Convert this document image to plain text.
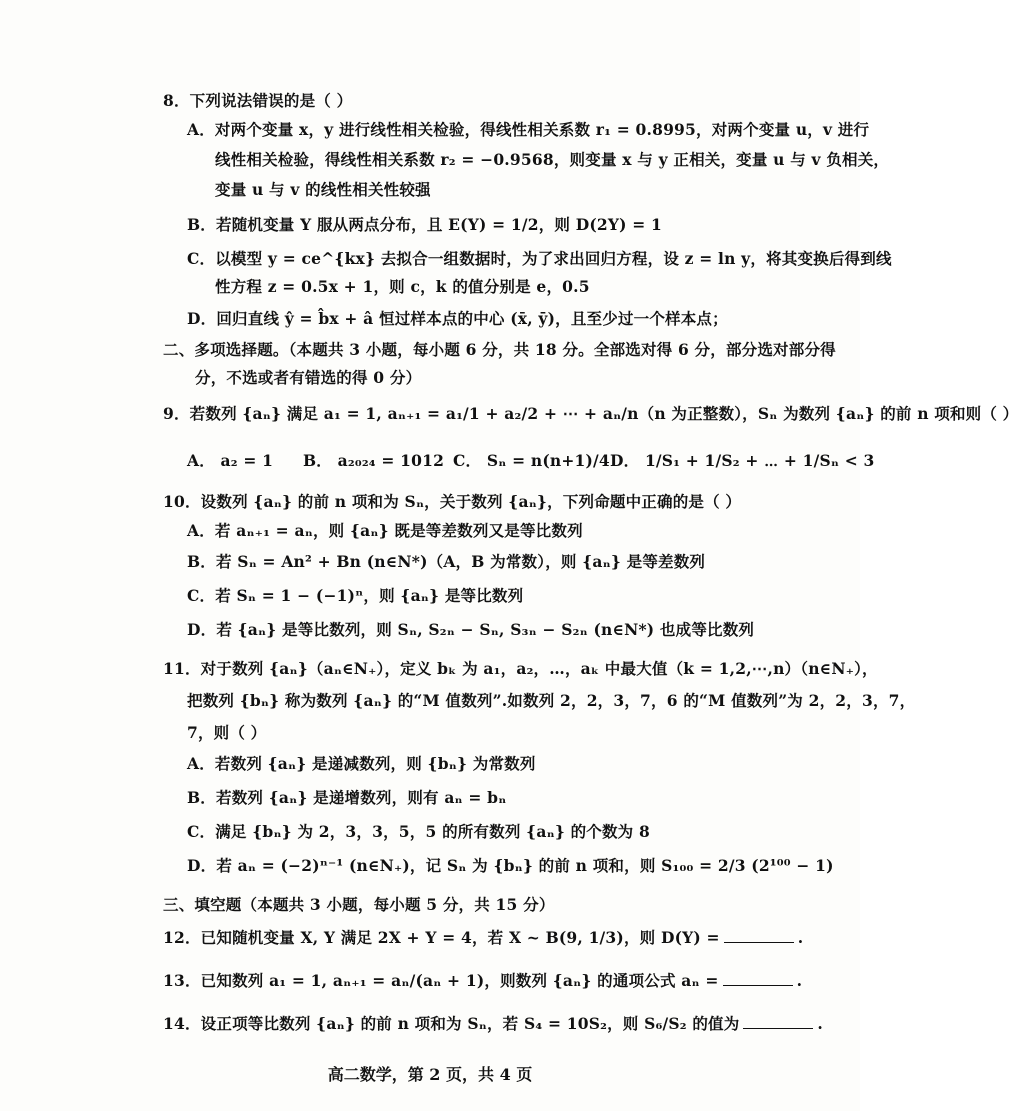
8．下列说法错误的是（ ）
A．对两个变量 x，y 进行线性相关检验，得线性相关系数 r₁ = 0.8995，对两个变量 u，v 进行
线性相关检验，得线性相关系数 r₂ = −0.9568，则变量 x 与 y 正相关，变量 u 与 v 负相关，
变量 u 与 v 的线性相关性较强
B．若随机变量 Y 服从两点分布，且 E(Y) = 1/2，则 D(2Y) = 1
C．以模型 y = ce^{kx} 去拟合一组数据时，为了求出回归方程，设 z = ln y，将其变换后得到线
性方程 z = 0.5x + 1，则 c，k 的值分别是 e，0.5
D．回归直线 ŷ = b̂x + â 恒过样本点的中心 (x̄, ȳ)，且至少过一个样本点；
二、多项选择题。（本题共 3 小题，每小题 6 分，共 18 分。全部选对得 6 分，部分选对部分得
分，不选或者有错选的得 0 分）
9．若数列 {aₙ} 满足 a₁ = 1, aₙ₊₁ = a₁/1 + a₂/2 + ⋯ + aₙ/n（n 为正整数），Sₙ 为数列 {aₙ} 的前 n 项和则（ ）
A． a₂ = 1 B． a₂₀₂₄ = 1012 C． Sₙ = n(n+1)/4 D． 1/S₁ + 1/S₂ + ⋯ + 1/Sₙ < 3
10．设数列 {aₙ} 的前 n 项和为 Sₙ，关于数列 {aₙ}，下列命题中正确的是（ ）
A．若 aₙ₊₁ = aₙ，则 {aₙ} 既是等差数列又是等比数列
B．若 Sₙ = An² + Bn (n∈N*)（A，B 为常数），则 {aₙ} 是等差数列
C．若 Sₙ = 1 − (−1)ⁿ，则 {aₙ} 是等比数列
D．若 {aₙ} 是等比数列，则 Sₙ, S₂ₙ − Sₙ, S₃ₙ − S₂ₙ (n∈N*) 也成等比数列
11．对于数列 {aₙ}（aₙ∈N₊），定义 bₖ 为 a₁，a₂，…，aₖ 中最大值（k = 1,2,⋯,n）（n∈N₊），
把数列 {bₙ} 称为数列 {aₙ} 的“M 值数列”.如数列 2，2，3，7，6 的“M 值数列”为 2，2，3，7，
7，则（ ）
A．若数列 {aₙ} 是递减数列，则 {bₙ} 为常数列
B．若数列 {aₙ} 是递增数列，则有 aₙ = bₙ
C．满足 {bₙ} 为 2，3，3，5，5 的所有数列 {aₙ} 的个数为 8
D．若 aₙ = (−2)ⁿ⁻¹ (n∈N₊)，记 Sₙ 为 {bₙ} 的前 n 项和，则 S₁₀₀ = 2/3 (2¹⁰⁰ − 1)
三、填空题（本题共 3 小题，每小题 5 分，共 15 分）
12．已知随机变量 X, Y 满足 2X + Y = 4，若 X ~ B(9, 1/3)，则 D(Y) =	.
13．已知数列 a₁ = 1, aₙ₊₁ = aₙ/(aₙ + 1)，则数列 {aₙ} 的通项公式 aₙ =	.
14．设正项等比数列 {aₙ} 的前 n 项和为 Sₙ，若 S₄ = 10S₂，则 S₆/S₂ 的值为	.
高二数学，第 2 页，共 4 页
